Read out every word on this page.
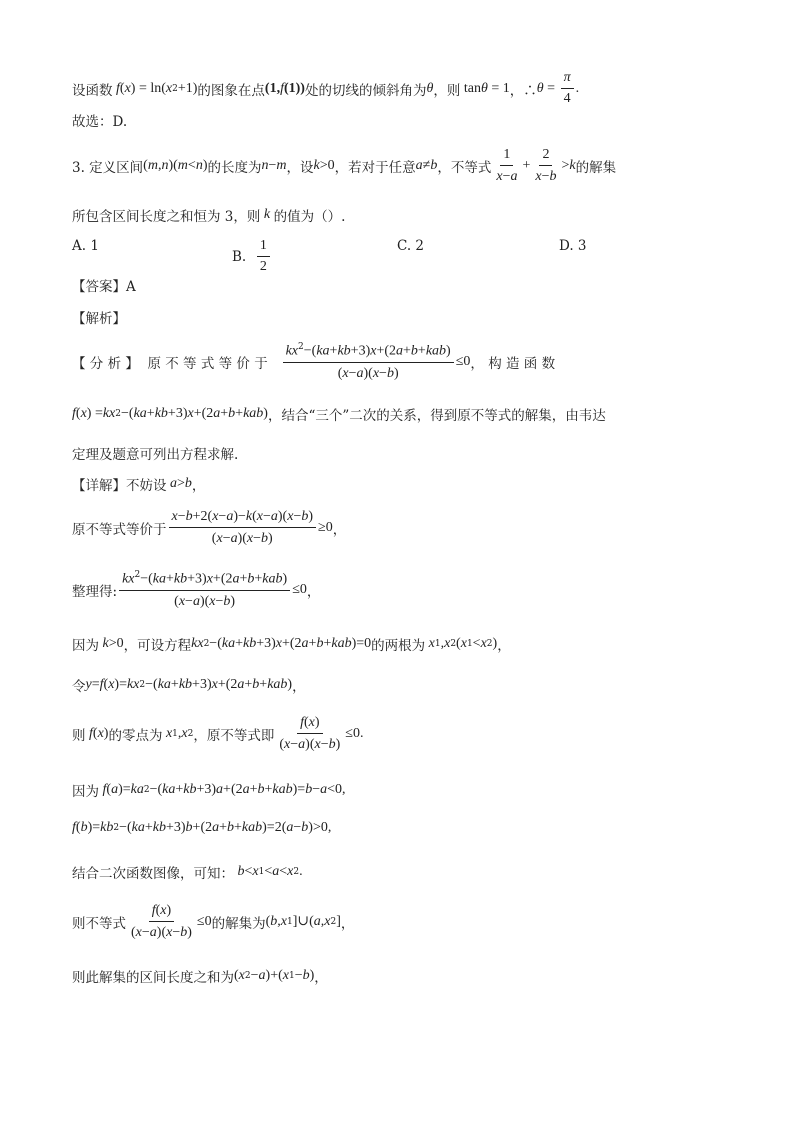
设函数 f ( x ) = ln( x 2 +1) 的图象在点 (1,f(1)) 处的切线的倾斜角为 θ ，则 tan θ = 1 ，∴ $\theta = \frac{\pi}{4}$ .
故选：D.
3. 定义区间 ( m , n )( m < n ) 的长度为 n − m ，设 k >0 ，若对于任意 a ≠ b ，不等式 $\frac{1}{x-a} + \frac{2}{x-b} > k$ 的解集
所包含区间长度之和恒为 3，则 k 的值为（）.
A. 1
B.
$\frac{1}{2}$	C. 2	D. 3
【答案】A
【解析】
【 分 析 】
原 不 等 式 等 价 于
$\frac{kx^2-(ka+kb+3)x+(2a+b+kab)}{(x-a)(x-b)} \le 0$ ， 构 造 函 数
f ( x ) = kx 2 −( ka + kb +3) x +(2 a + b + kab ) ，结合“三个”二次的关系，得到原不等式的解集，由韦达
定理及题意可列出方程求解.
【详解】不妨设 a > b ，
原不等式等价于 $\frac{x-b+2(x-a)-k(x-a)(x-b)}{(x-a)(x-b)} \ge 0$ ，
整理得: $\frac{kx^2-(ka+kb+3)x+(2a+b+kab)}{(x-a)(x-b)} \le 0$ ，
因为 k >0 ，可设方程 kx 2 −( ka + kb +3) x +(2 a + b + kab )=0 的两根为 x 1 , x 2 ( x 1 < x 2 ) ，
令 y = f ( x )= kx 2 −( ka + kb +3) x +(2 a + b + kab ) ，
则 f ( x ) 的零点为 x 1 , x 2 ，原不等式即 $\frac{f(x)}{(x-a)(x-b)} \le 0$.
因为 f ( a )= ka 2 −( ka + kb +3) a +(2 a + b + kab )= b − a <0,
f ( b )= kb 2 −( ka + kb +3) b +(2 a + b + kab )=2( a − b )>0,
结合二次函数图像，可知： b < x 1 < a < x 2 .
则不等式 $\frac{f(x)}{(x-a)(x-b)} \le 0$ 的解集为 ( b , x 1 ]∪( a , x 2 ] ，
则此解集的区间长度之和为 ( x 2 − a )+( x 1 − b ) ，
